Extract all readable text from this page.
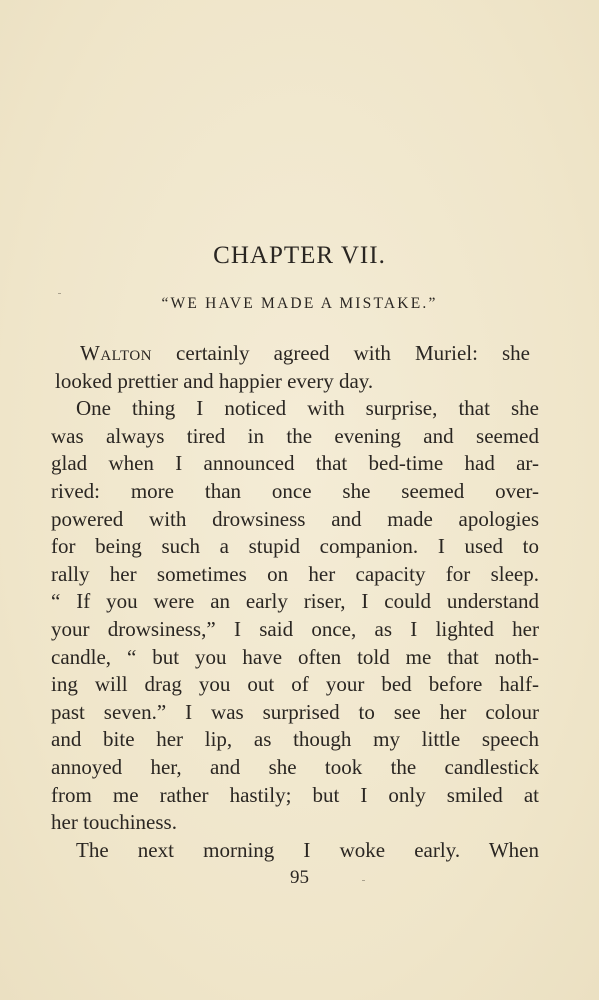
CHAPTER VII.
“WE HAVE MADE A MISTAKE.”
Walton certainly agreed with Muriel: she
looked prettier and happier every day.
One thing I noticed with surprise, that she
was always tired in the evening and seemed
glad when I announced that bed-time had ar-
rived: more than once she seemed over-
powered with drowsiness and made apologies
for being such a stupid companion. I used to
rally her sometimes on her capacity for sleep.
“ If you were an early riser, I could understand
your drowsiness,” I said once, as I lighted her
candle, “ but you have often told me that noth-
ing will drag you out of your bed before half-
past seven.” I was surprised to see her colour
and bite her lip, as though my little speech
annoyed her, and she took the candlestick
from me rather hastily; but I only smiled at
her touchiness.
The next morning I woke early. When
95
